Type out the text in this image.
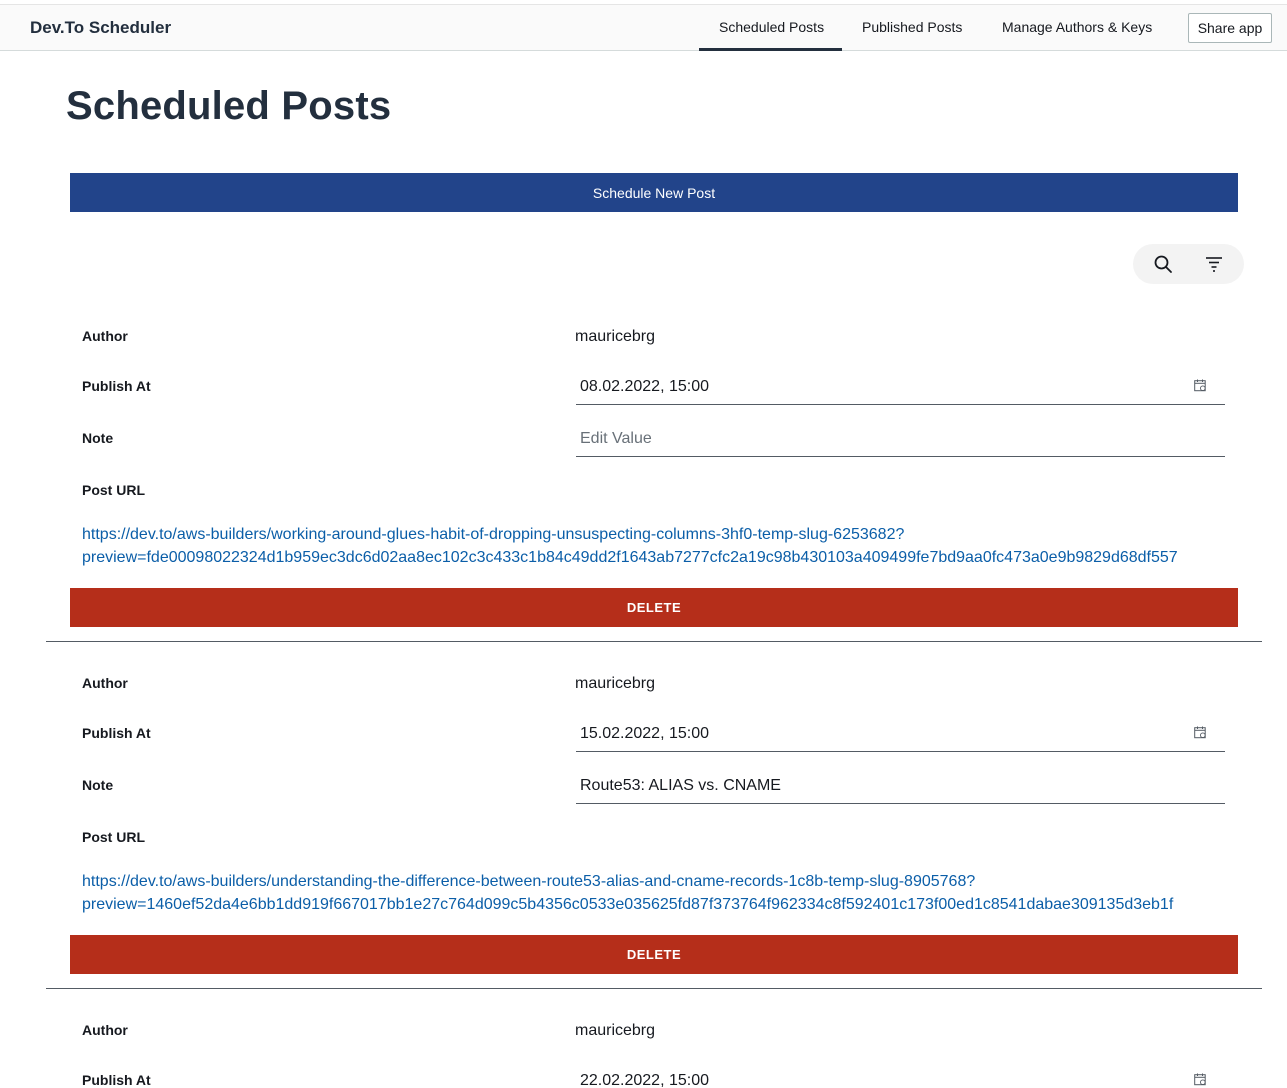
Dev.To Scheduler	Scheduled Posts	Published Posts	Manage Authors & Keys	Share app
Scheduled Posts
Schedule New Post
Author	mauricebrg
Publish At	08.02.2022, 15:00
Note	Edit Value
Post URL
https://dev.to/aws-builders/working-around-glues-habit-of-dropping-unsuspecting-columns-3hf0-temp-slug-6253682?
preview=fde00098022324d1b959ec3dc6d02aa8ec102c3c433c1b84c49dd2f1643ab7277cfc2a19c98b430103a409499fe7bd9aa0fc473a0e9b9829d68df557
DELETE
Author	mauricebrg
Publish At	15.02.2022, 15:00
Note	Route53: ALIAS vs. CNAME
Post URL
https://dev.to/aws-builders/understanding-the-difference-between-route53-alias-and-cname-records-1c8b-temp-slug-8905768?
preview=1460ef52da4e6bb1dd919f667017bb1e27c764d099c5b4356c0533e035625fd87f373764f962334c8f592401c173f00ed1c8541dabae309135d3eb1f
DELETE
Author	mauricebrg
Publish At	22.02.2022, 15:00
